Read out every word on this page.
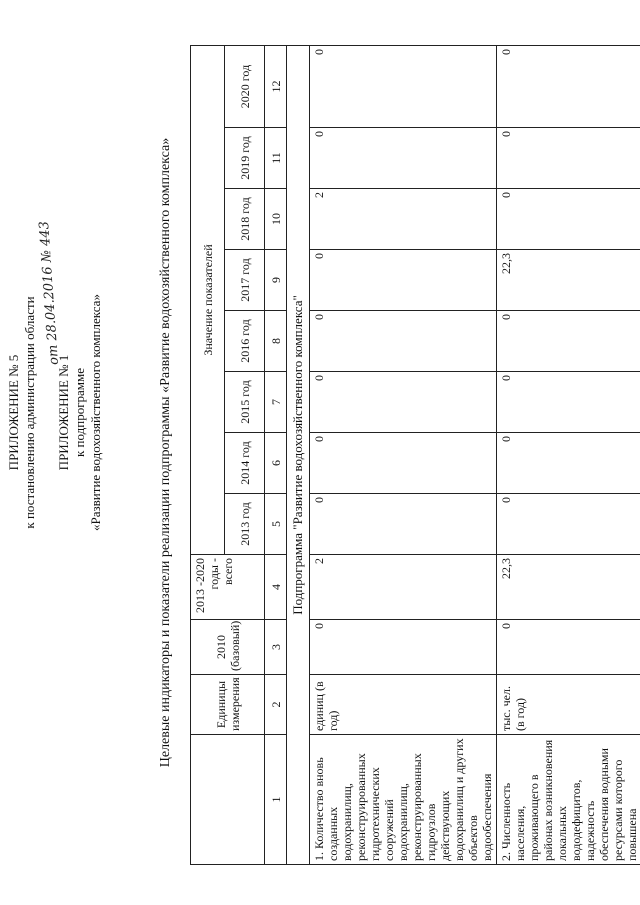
ПРИЛОЖЕНИЕ № 5 к постановлению администрации области
от 28.04.2016 № 443
ПРИЛОЖЕНИЕ № 1 к подпрограмме «Развитие водохозяйственного комплекса»	Целевые индикаторы и показатели реализации подпрограммы «Развитие водохозяйственного комплекса»
		Единицы измерения	2010 (базовый)	2013 -2020 годы - всего	Значение показателей							
				2013 год	2014 год	2015 год	2016 год	2017 год	2018 год	2019 год	2020 год
1	2	3	4	5	6	7	8	9	10	11	12
Подпрограмма "Развитие водохозяйственного комплекса"											
1. Количество вновь созданных водохранилищ, реконструированных гидротехнических сооружений водохранилищ, реконструированных гидроузлов действующих водохранилищ и других объектов водообеспечения	единиц (в год)	0	2	0	0	0	0	0	2	0	0
2. Численность населения, проживающего в районах возникновения локальных вододефицитов, надежность обеспечения водными ресурсами которого повышена	тыс. чел. (в год)	0	22,3	0	0	0	0	22,3	0	0	0
